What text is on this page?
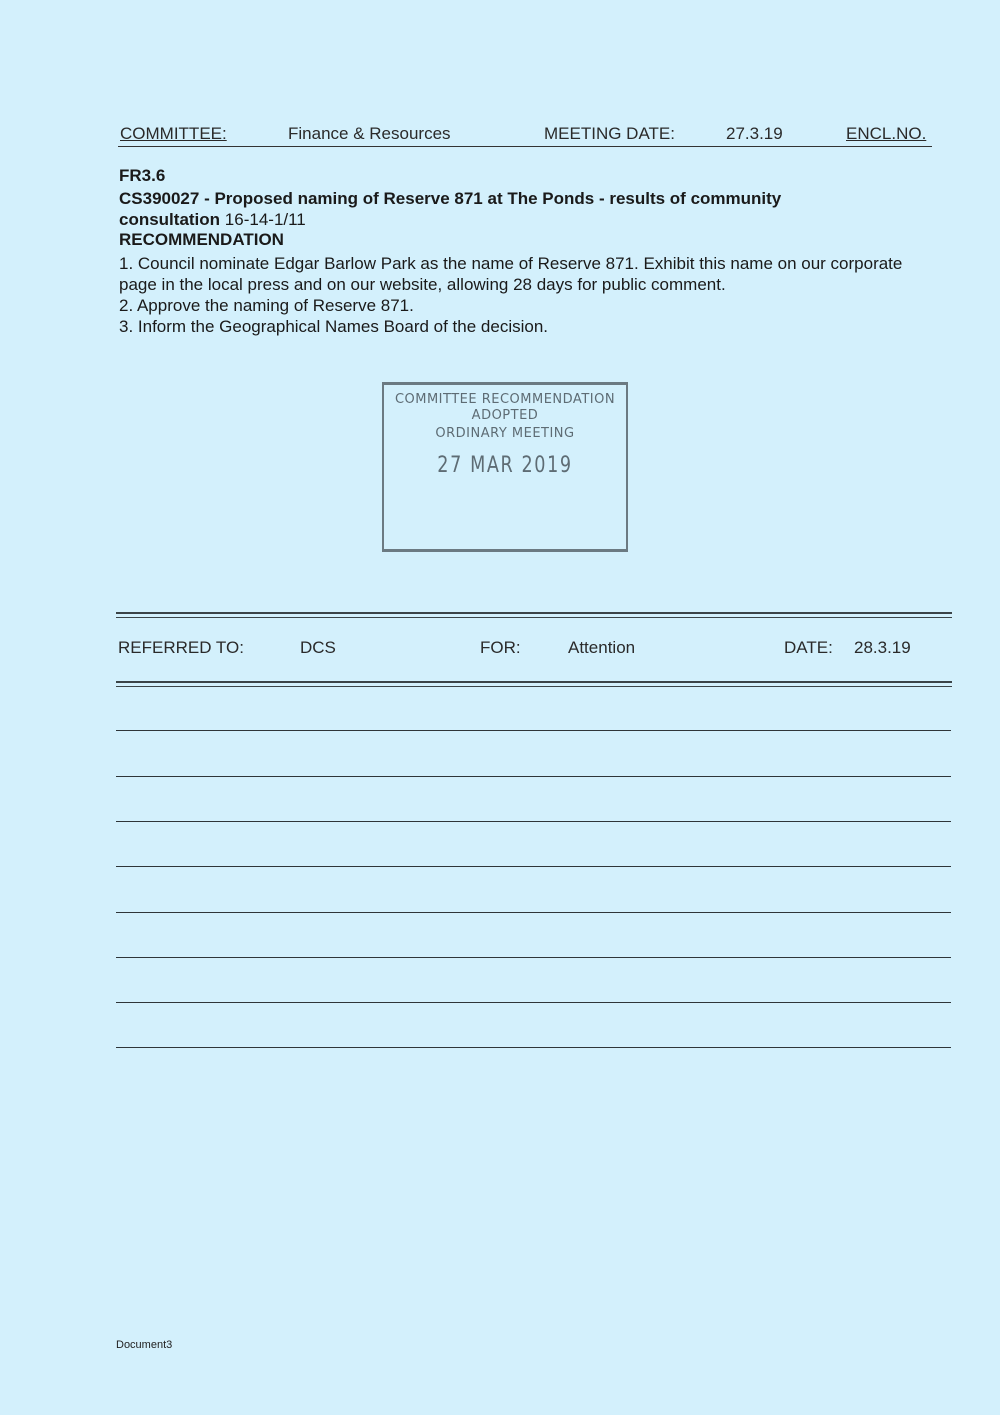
COMMITTEE:	Finance & Resources	MEETING DATE:	27.3.19	ENCL.NO.
FR3.6
CS390027 - Proposed naming of Reserve 871 at The Ponds - results of community consultation 16-14-1/11
RECOMMENDATION

1. Council nominate Edgar Barlow Park as the name of Reserve 871. Exhibit this name on our corporate page in the local press and on our website, allowing 28 days for public comment.

2. Approve the naming of Reserve 871.

3. Inform the Geographical Names Board of the decision.

COMMITTEE RECOMMENDATION
ADOPTED
ORDINARY MEETING
27 MAR 2019
REFERRED TO:	DCS	FOR:	Attention	DATE: 28.3.19
Document3
